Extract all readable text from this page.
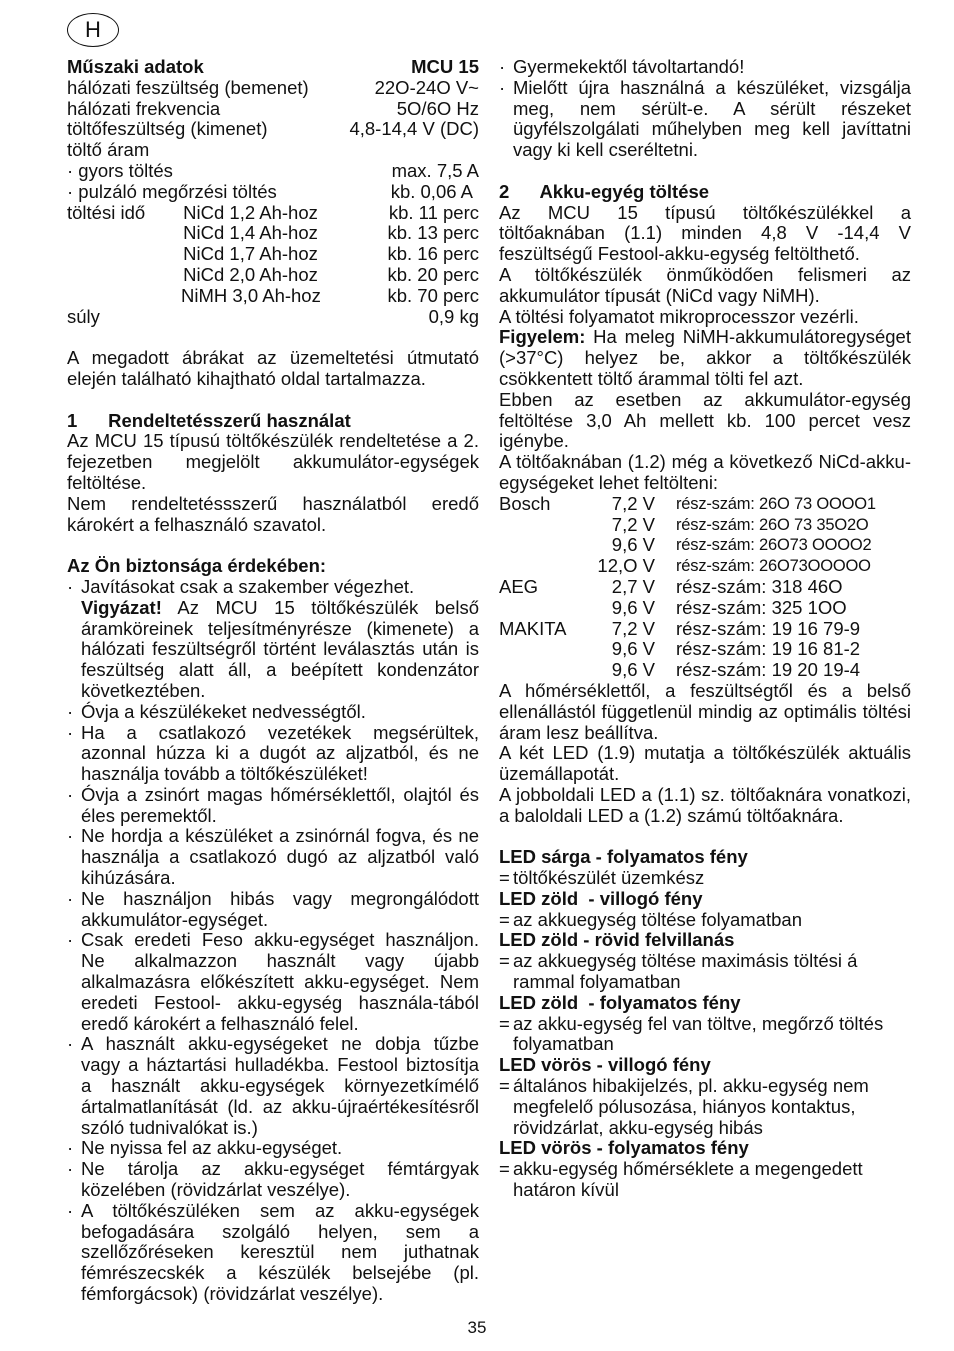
H
Műszaki adatok	MCU 15
hálózati feszültség (bemenet)	22O-24O V~
hálózati frekvencia	5O/6O Hz
töltőfeszültség (kimenet)	4,8-14,4 V (DC)
töltő áram
· gyors töltés	max. 7,5 A
· pulzáló megőrzési töltés	kb. 0,06 A
töltési idő	NiCd 1,2 Ah-hoz	kb. 11 perc
NiCd 1,4 Ah-hoz	kb. 13 perc
NiCd 1,7 Ah-hoz	kb. 16 perc
NiCd 2,0 Ah-hoz	kb. 20 perc
NiMH 3,0 Ah-hoz	kb. 70 perc
súly	0,9 kg
A megadott ábrákat az üzemeltetési útmutató elején található kihajtható oldal tartalmazza.
1      Rendeltetésszerű használat
Az MCU 15 típusú töltőkészülék rendeltetése a 2. fejezetben megjelölt akkumulátor-egységek feltöltése.
Nem rendeltetéssszerű használatból eredő károkért a felhasználó szavatol.
Az Ön biztonsága érdekében:
· Javításokat csak a szakember végezhet.
Vigyázat! Az MCU 15 töltőkészülék belső áramköreinek teljesítményrésze (kimenete) a hálózati feszültségről történt leválasztás után is feszültség alatt áll, a beépített kondenzátor következtében.
· Óvja a készülékeket nedvességtől.
· Ha a csatlakozó vezetékek megsérültek, azonnal húzza ki a dugót az aljzatból, és ne használja tovább a töltőkészüléket!
· Óvja a zsinórt magas hőmérséklettől, olajtól és éles peremektől.
· Ne hordja a készüléket a zsinórnál fogva, és ne használja a csatlakozó dugó az aljzatból való kihúzására.
· Ne használjon hibás vagy megrongálódott akkumulátor-egységet.
· Csak eredeti Feso akku-egységet használjon. Ne alkalmazzon használt vagy újabb alkalmazásra előkészített akku-egységet. Nem eredeti Festool- akku-egység használa-tából eredő károkért a felhasználó felel.
· A használt akku-egységeket ne dobja tűzbe vagy a háztartási hulladékba. Festool biztosítja a használt akku-egységek környezetkímélő ártalmatlanítását (ld. az akku-újraértékesítésről szóló tudnivalókat is.)
· Ne nyissa fel az akku-egységet.
· Ne tárolja az akku-egységet fémtárgyak közelében (rövidzárlat veszélye).
· A töltőkészüléken sem az akku-egységek befogadására szolgáló helyen, sem a szellőzőréseken keresztül nem juthatnak fémrészecskék a készülék belsejébe (pl. fémforgácsok) (rövidzárlat veszélye).
· Gyermekektől távoltartandó!
· Mielőtt újra használná a készüléket, vizsgálja meg, nem sérült-e. A sérült részeket ügyfélszolgálati műhelyben meg kell javíttatni vagy ki kell cseréltetni.
2      Akku-egyég töltése
Az MCU 15 típusú töltőkészülékkel a töltőaknában (1.1) minden 4,8 V -14,4 V feszültségű Festool-akku-egység feltölthető.
A töltőkészülék önműködően felismeri az akkumulátor típusát (NiCd vagy NiMH).
A töltési folyamatot mikroprocesszor vezérli.
Figyelem: Ha meleg NiMH-akkumulátoregységet (>37°C) helyez be, akkor a töltőkészülék csökkentett töltő árammal tölti fel azt.
Ebben az esetben az akkumulátor-egység feltöltése 3,0 Ah mellett kb. 100 percet vesz igénybe.
A töltőaknában (1.2) még a következő NiCd-akku-egységeket lehet feltölteni:
Bosch	7,2 V	rész-szám: 26O 73 OOOO1
7,2 V	rész-szám: 26O 73 35O2O
9,6 V	rész-szám: 26O73 OOOO2
12,O V	rész-szám: 26O73OOOOO
AEG	2,7 V	rész-szám: 318 46O
9,6 V	rész-szám: 325 1OO
MAKITA	7,2 V	rész-szám: 19 16 79-9
9,6 V	rész-szám: 19 16 81-2
9,6 V	rész-szám: 19 20 19-4
A hőmérséklettől, a feszültségtől és a belső ellenállástól függetlenül mindig az optimális töltési áram lesz beállítva.
A két LED (1.9) mutatja a töltőkészülék aktuális üzemállapotát.
A jobboldali LED a (1.1) sz. töltőaknára vonatkozi, a baloldali LED a (1.2) számú töltőaknára.
LED sárga - folyamatos fény
= töltőkészülét üzemkész
LED zöld  - villogó fény
= az akkuegység töltése folyamatban
LED zöld - rövid felvillanás
= az akkuegység töltése maximásis töltési á rammal folyamatban
LED zöld  - folyamatos fény
= az akku-egység fel van töltve, megőrző töltés folyamatban
LED vörös - villogó fény
= általános hibakijelzés, pl. akku-egység nem megfelelő pólusozása, hiányos kontaktus, rövidzárlat, akku-egység hibás
LED vörös - folyamatos fény
= akku-egység hőmérséklete a megengedett határon kívül
35
